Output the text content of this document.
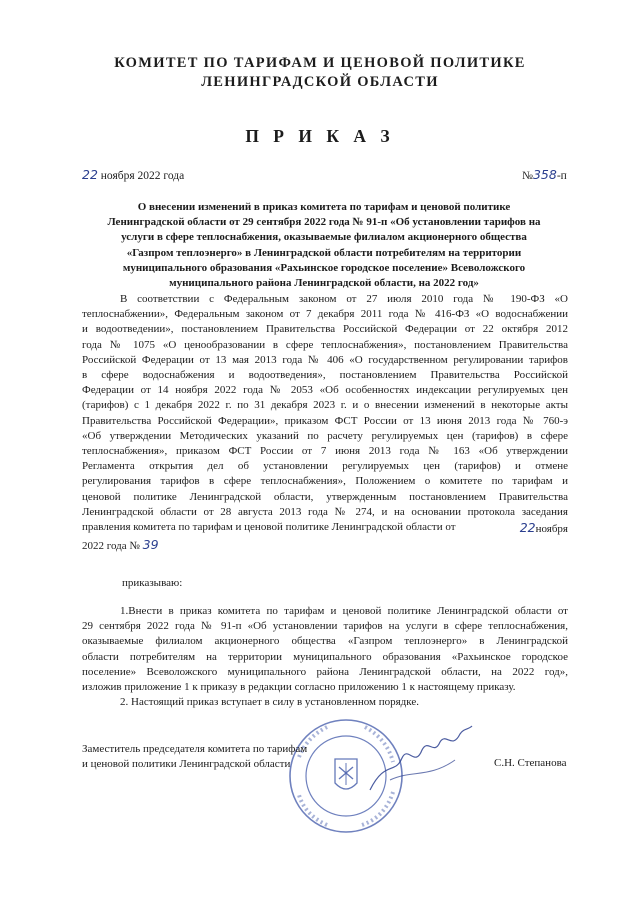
КОМИТЕТ ПО ТАРИФАМ И ЦЕНОВОЙ ПОЛИТИКЕ
ЛЕНИНГРАДСКОЙ ОБЛАСТИ
П Р И К А З
22 ноября 2022 года	№358-п
О внесении изменений в приказ комитета по тарифам и ценовой политике
Ленинградской области от 29 сентября 2022 года № 91-п «Об установлении тарифов на
услуги в сфере теплоснабжения, оказываемые филиалом акционерного общества
«Газпром теплоэнерго» в Ленинградской области потребителям на территории
муниципального образования «Рахьинское городское поселение» Всеволожского
муниципального района Ленинградской области, на 2022 год»
В соответствии с Федеральным законом от 27 июля 2010 года № 190-ФЗ «О
теплоснабжении», Федеральным законом от 7 декабря 2011 года № 416-ФЗ «О водоснабжении
и водоотведении», постановлением Правительства Российской Федерации от 22 октября 2012
года № 1075 «О ценообразовании в сфере теплоснабжения», постановлением Правительства
Российской Федерации от 13 мая 2013 года № 406 «О государственном регулировании тарифов
в сфере водоснабжения и водоотведения», постановлением Правительства Российской
Федерации от 14 ноября 2022 года № 2053 «Об особенностях индексации регулируемых цен
(тарифов) с 1 декабря 2022 г. по 31 декабря 2023 г. и о внесении изменений в некоторые акты
Правительства Российской Федерации», приказом ФСТ России от 13 июня 2013 года № 760-э
«Об утверждении Методических указаний по расчету регулируемых цен (тарифов) в сфере
теплоснабжения», приказом ФСТ России от 7 июня 2013 года № 163 «Об утверждении
Регламента открытия дел об установлении регулируемых цен (тарифов) и отмене
регулирования тарифов в сфере теплоснабжения», Положением о комитете по тарифам и
ценовой политике Ленинградской области, утвержденным постановлением Правительства
Ленинградской области от 28 августа 2013 года № 274, и на основании протокола заседания
правления комитета по тарифам и ценовой политике Ленинградской области от	22ноября
2022 года № 39
приказываю:
1.Внести в приказ комитета по тарифам и ценовой политике Ленинградской области от
29 сентября 2022 года № 91-п «Об установлении тарифов на услуги в сфере теплоснабжения,
оказываемые филиалом акционерного общества «Газпром теплоэнерго» в Ленинградской
области потребителям на территории муниципального образования «Рахьинское городское
поселение» Всеволожского муниципального района Ленинградской области, на 2022 год»,
изложив приложение 1 к приказу в редакции согласно приложению 1 к настоящему приказу.
2. Настоящий приказ вступает в силу в установленном порядке.
Заместитель председателя комитета по тарифам
и ценовой политики Ленинградской области	С.Н. Степанова
